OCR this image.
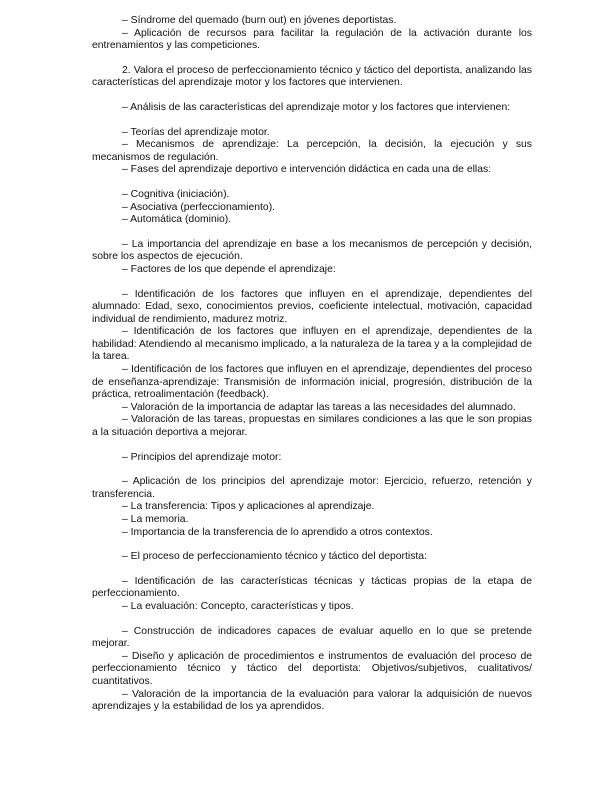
– Síndrome del quemado (burn out) en jóvenes deportistas.

– Aplicación de recursos para facilitar la regulación de la activación durante los entrenamientos y las competiciones.

2. Valora el proceso de perfeccionamiento técnico y táctico del deportista, analizando las características del aprendizaje motor y los factores que intervienen.

– Análisis de las características del aprendizaje motor y los factores que intervienen:

– Teorías del aprendizaje motor.

– Mecanismos de aprendizaje: La percepción, la decisión, la ejecución y sus mecanismos de regulación.

– Fases del aprendizaje deportivo e intervención didáctica en cada una de ellas:

– Cognitiva (iniciación).

– Asociativa (perfeccionamiento).

– Automática (dominio).

– La importancia del aprendizaje en base a los mecanismos de percepción y decisión, sobre los aspectos de ejecución.

– Factores de los que depende el aprendizaje:

– Identificación de los factores que influyen en el aprendizaje, dependientes del alumnado: Edad, sexo, conocimientos previos, coeficiente intelectual, motivación, capacidad individual de rendimiento, madurez motriz.

– Identificación de los factores que influyen en el aprendizaje, dependientes de la habilidad: Atendiendo al mecanismo implicado, a la naturaleza de la tarea y a la complejidad de la tarea.

– Identificación de los factores que influyen en el aprendizaje, dependientes del proceso de enseñanza-aprendizaje: Transmisión de información inicial, progresión, distribución de la práctica, retroalimentación (feedback).

– Valoración de la importancia de adaptar las tareas a las necesidades del alumnado.

– Valoración de las tareas, propuestas en similares condiciones a las que le son propias a la situación deportiva a mejorar.

– Principios del aprendizaje motor:

– Aplicación de los principios del aprendizaje motor: Ejercicio, refuerzo, retención y transferencia.

– La transferencia: Tipos y aplicaciones al aprendizaje.

– La memoria.

– Importancia de la transferencia de lo aprendido a otros contextos.

– El proceso de perfeccionamiento técnico y táctico del deportista:

– Identificación de las características técnicas y tácticas propias de la etapa de perfeccionamiento.

– La evaluación: Concepto, características y tipos.

– Construcción de indicadores capaces de evaluar aquello en lo que se pretende mejorar.

– Diseño y aplicación de procedimientos e instrumentos de evaluación del proceso de perfeccionamiento técnico y táctico del deportista: Objetivos/subjetivos, cualitativos/ cuantitativos.

– Valoración de la importancia de la evaluación para valorar la adquisición de nuevos aprendizajes y la estabilidad de los ya aprendidos.
